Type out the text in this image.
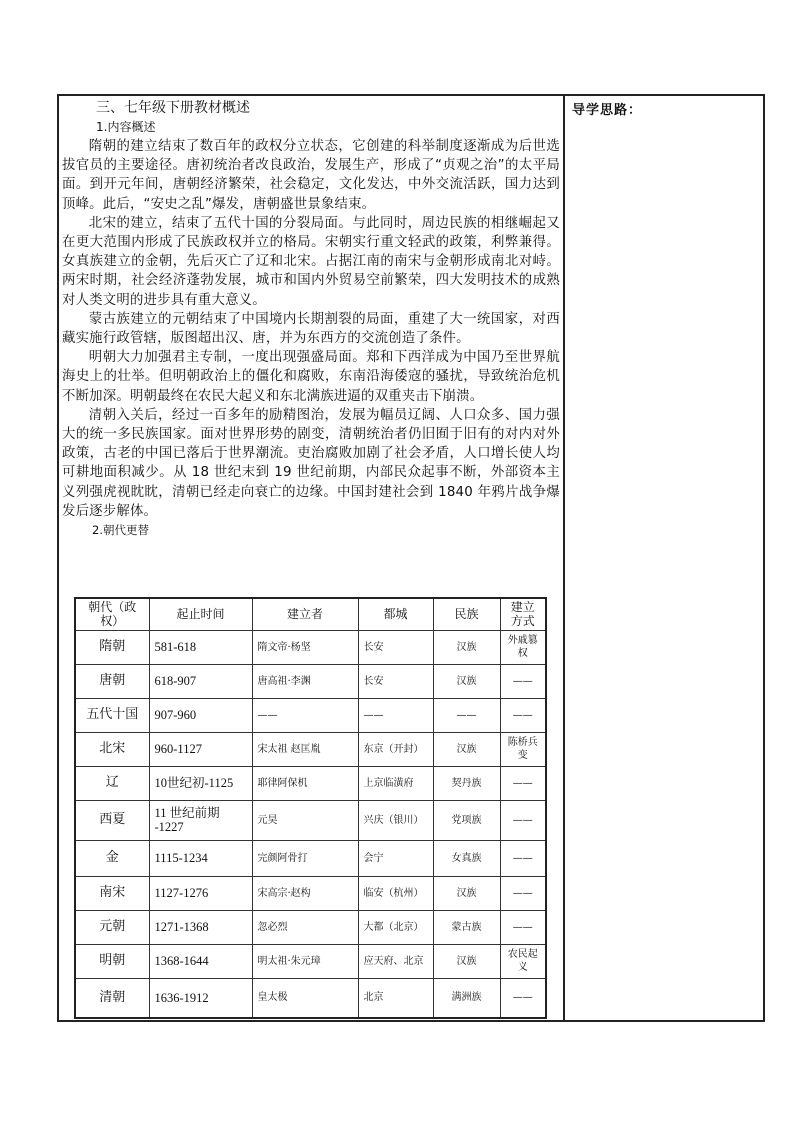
导学思路：
三、七年级下册教材概述
1.内容概述

隋朝的建立结束了数百年的政权分立状态，它创建的科举制度逐渐成为后世选拔官员的主要途径。唐初统治者改良政治，发展生产，形成了“贞观之治”的太平局面。到开元年间，唐朝经济繁荣，社会稳定，文化发达，中外交流活跃，国力达到顶峰。此后，“安史之乱”爆发，唐朝盛世景象结束。

北宋的建立，结束了五代十国的分裂局面。与此同时，周边民族的相继崛起又在更大范围内形成了民族政权并立的格局。宋朝实行重文轻武的政策，利弊兼得。女真族建立的金朝，先后灭亡了辽和北宋。占据江南的南宋与金朝形成南北对峙。两宋时期，社会经济蓬勃发展，城市和国内外贸易空前繁荣，四大发明技术的成熟对人类文明的进步具有重大意义。

蒙古族建立的元朝结束了中国境内长期割裂的局面，重建了大一统国家，对西藏实施行政管辖，版图超出汉、唐，并为东西方的交流创造了条件。

明朝大力加强君主专制，一度出现强盛局面。郑和下西洋成为中国乃至世界航海史上的壮举。但明朝政治上的僵化和腐败，东南沿海倭寇的骚扰，导致统治危机不断加深。明朝最终在农民大起义和东北满族进逼的双重夹击下崩溃。

清朝入关后，经过一百多年的励精图治，发展为幅员辽阔、人口众多、国力强大的统一多民族国家。面对世界形势的剧变，清朝统治者仍旧囿于旧有的对内对外政策，古老的中国已落后于世界潮流。吏治腐败加剧了社会矛盾，人口增长使人均可耕地面积减少。从 18 世纪末到 19 世纪前期，内部民众起事不断，外部资本主义列强虎视眈眈，清朝已经走向衰亡的边缘。中国封建社会到 1840 年鸦片战争爆发后逐步解体。

2.朝代更替
朝代（政权）	起止时间	建立者	都城	民族	建立方式
隋朝	581-618	隋文帝·杨坚	长安	汉族	外戚篡权
唐朝	618-907	唐高祖·李渊	长安	汉族	——
五代十国	907-960	——	——	——	——
北宋	960-1127	宋太祖 赵匡胤	东京（开封）	汉族	陈桥兵变
辽	10世纪初-1125	耶律阿保机	上京临潢府	契丹族	——
西夏	11 世纪前期 -1227	元昊	兴庆（银川）	党项族	——
金	1115-1234	完颜阿骨打	会宁	女真族	——
南宋	1127-1276	宋高宗·赵构	临安（杭州）	汉族	——
元朝	1271-1368	忽必烈	大都（北京）	蒙古族	——
明朝	1368-1644	明太祖·朱元璋	应天府、北京	汉族	农民起义
清朝	1636-1912	皇太极	北京	满洲族	——
